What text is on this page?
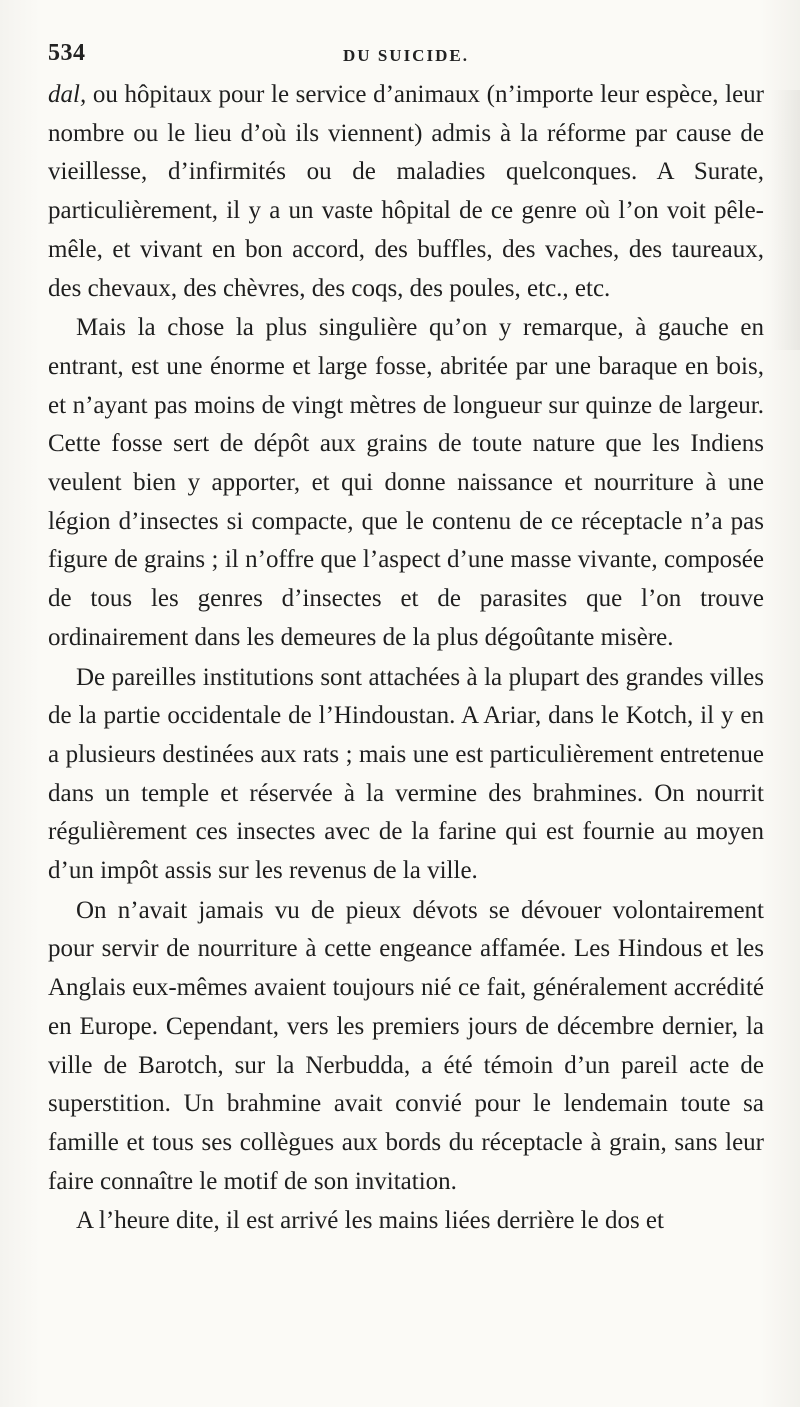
534	DU SUICIDE.

dal, ou hôpitaux pour le service d’animaux (n’importe leur espèce, leur nombre ou le lieu d’où ils viennent) admis à la réforme par cause de vieillesse, d’infirmités ou de maladies quelconques. A Surate, particulièrement, il y a un vaste hôpital de ce genre où l’on voit pêle-mêle, et vivant en bon accord, des buffles, des vaches, des taureaux, des chevaux, des chèvres, des coqs, des poules, etc., etc.

Mais la chose la plus singulière qu’on y remarque, à gauche en entrant, est une énorme et large fosse, abritée par une baraque en bois, et n’ayant pas moins de vingt mètres de longueur sur quinze de largeur. Cette fosse sert de dépôt aux grains de toute nature que les Indiens veulent bien y apporter, et qui donne naissance et nourriture à une légion d’insectes si compacte, que le contenu de ce réceptacle n’a pas figure de grains ; il n’offre que l’aspect d’une masse vivante, composée de tous les genres d’insectes et de parasites que l’on trouve ordinairement dans les demeures de la plus dégoûtante misère.

De pareilles institutions sont attachées à la plupart des grandes villes de la partie occidentale de l’Hindoustan. A Ariar, dans le Kotch, il y en a plusieurs destinées aux rats ; mais une est particulièrement entretenue dans un temple et réservée à la vermine des brahmines. On nourrit régulièrement ces insectes avec de la farine qui est fournie au moyen d’un impôt assis sur les revenus de la ville.

On n’avait jamais vu de pieux dévots se dévouer volontairement pour servir de nourriture à cette engeance affamée. Les Hindous et les Anglais eux-mêmes avaient toujours nié ce fait, généralement accrédité en Europe. Cependant, vers les premiers jours de décembre dernier, la ville de Barotch, sur la Nerbudda, a été témoin d’un pareil acte de superstition. Un brahmine avait convié pour le lendemain toute sa famille et tous ses collègues aux bords du réceptacle à grain, sans leur faire connaître le motif de son invitation.

A l’heure dite, il est arrivé les mains liées derrière le dos et
